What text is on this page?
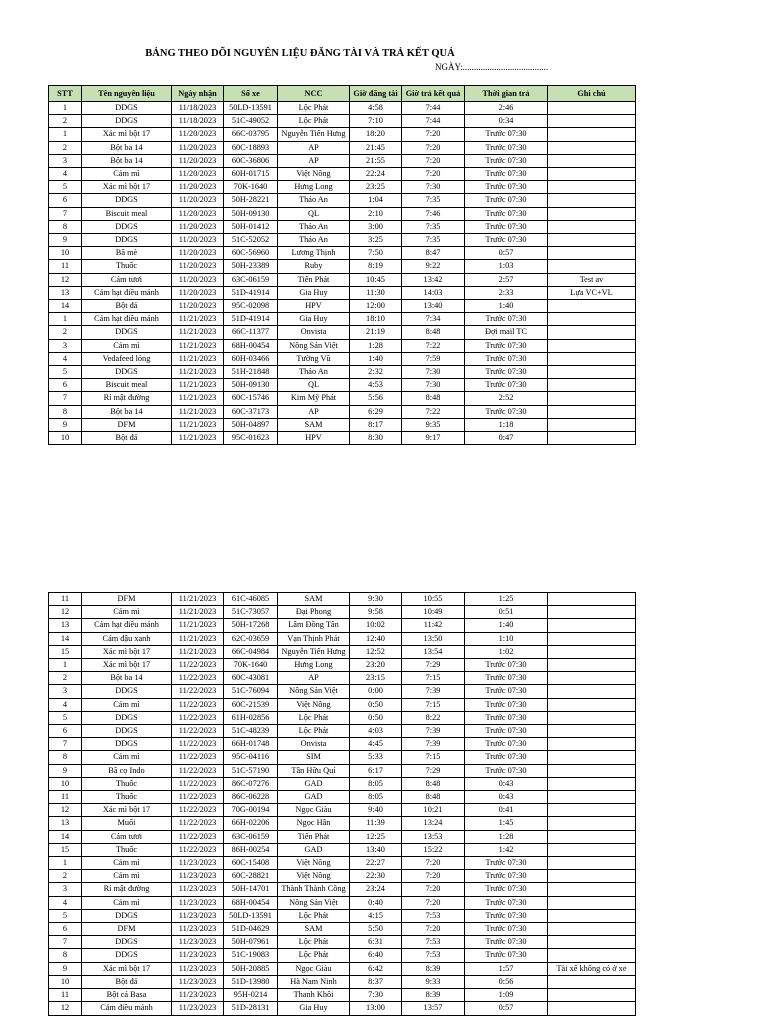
BẢNG THEO DÕI NGUYÊN LIỆU ĐĂNG TÀI VÀ TRẢ KẾT QUẢ
NGÀY:......................................
STT	Tên nguyên liệu	Ngày nhận	Số xe	NCC	Giờ đăng tài	Giờ trả kết quả	Thời gian trả	Ghi chú
1	DDGS	11/18/2023	50LD-13591	Lộc Phát	4:58	7:44	2:46	
2	DDGS	11/18/2023	51C-49052	Lộc Phát	7:10	7:44	0:34	
1	Xác mì bột 17	11/20/2023	66C-03795	Nguyễn Tiến Hưng	18:20	7:20	Trước 07:30	
2	Bột ba 14	11/20/2023	60C-18893	AP	21:45	7:20	Trước 07:30	
3	Bột ba 14	11/20/2023	60C-36806	AP	21:55	7:20	Trước 07:30	
4	Cám mì	11/20/2023	60H-01715	Việt Nông	22:24	7:20	Trước 07:30	
5	Xác mì bột 17	11/20/2023	70K-1640	Hưng Long	23:25	7:30	Trước 07:30	
6	DDGS	11/20/2023	50H-28221	Thảo An	1:04	7:35	Trước 07:30	
7	Biscuit meal	11/20/2023	50H-09130	QL	2:10	7:46	Trước 07:30	
8	DDGS	11/20/2023	50H-01412	Thảo An	3:00	7:35	Trước 07:30	
9	DDGS	11/20/2023	51C-52052	Thảo An	3:25	7:35	Trước 07:30	
10	Bã mè	11/20/2023	60C-56960	Lương Thịnh	7:50	8:47	0:57	
11	Thuốc	11/20/2023	50H-23389	Ruby	8:19	9:22	1:03	
12	Cám tươi	11/20/2023	63C-06159	Tiến Phát	10:45	13:42	2:57	Test av
13	Cám hạt điều mảnh	11/20/2023	51D-41914	Gia Huy	11:30	14:03	2:33	Lựa VC+VL
14	Bột đá	11/20/2023	95C-02098	HPV	12:00	13:40	1:40	
1	Cám hạt điều mảnh	11/21/2023	51D-41914	Gia Huy	18:10	7:34	Trước 07:30	
2	DDGS	11/21/2023	66C-11377	Onvista	21:19	8:48	Đợi mail TC	
3	Cám mì	11/21/2023	68H-00454	Nông Sản Việt	1:28	7:22	Trước 07:30	
4	Vedafeed lỏng	11/21/2023	60H-03466	Tường Vũ	1:40	7:59	Trước 07:30	
5	DDGS	11/21/2023	51H-21848	Thảo An	2:32	7:30	Trước 07:30	
6	Biscuit meal	11/21/2023	50H-09130	QL	4:53	7:30	Trước 07:30	
7	Rỉ mật đường	11/21/2023	60C-15746	Kim Mỹ Phát	5:56	8:48	2:52	
8	Bột ba 14	11/21/2023	60C-37173	AP	6:29	7:22	Trước 07:30	
9	DFM	11/21/2023	50H-04897	SAM	8:17	9:35	1:18	
10	Bột đá	11/21/2023	95C-01623	HPV	8:30	9:17	0:47	
11	DFM	11/21/2023	61C-46085	SAM	9:30	10:55	1:25	
12	Cám mì	11/21/2023	51C-73057	Đại Phong	9:58	10:49	0:51	
13	Cám hạt điều mảnh	11/21/2023	50H-17268	Lâm Đồng Tân	10:02	11:42	1:40	
14	Cám đậu xanh	11/21/2023	62C-03659	Vạn Thịnh Phát	12:40	13:50	1:10	
15	Xác mì bột 17	11/21/2023	66C-04984	Nguyễn Tiến Hưng	12:52	13:54	1:02	
1	Xác mì bột 17	11/22/2023	70K-1640	Hưng Long	23:20	7:29	Trước 07:30	
2	Bột ba 14	11/22/2023	60C-43081	AP	23:15	7:15	Trước 07:30	
3	DDGS	11/22/2023	51C-76094	Nông Sản Việt	0:00	7:39	Trước 07:30	
4	Cám mì	11/22/2023	60C-21539	Việt Nông	0:50	7:15	Trước 07:30	
5	DDGS	11/22/2023	61H-02856	Lộc Phát	0:50	8:22	Trước 07:30	
6	DDGS	11/22/2023	51C-48239	Lộc Phát	4:03	7:39	Trước 07:30	
7	DDGS	11/22/2023	66H-01748	Onvista	4:45	7:39	Trước 07:30	
8	Cám mì	11/22/2023	95C-04116	SIM	5:33	7:15	Trước 07:30	
9	Bã cọ Indo	11/22/2023	51C-57190	Tân Hữu Quí	6:17	7:29	Trước 07:30	
10	Thuốc	11/22/2023	86C-07276	GAD	8:05	8:48	0:43	
11	Thuốc	11/22/2023	86C-06228	GAD	8:05	8:48	0:43	
12	Xác mì bột 17	11/22/2023	70G-00194	Ngọc Giàu	9:40	10:21	0:41	
13	Muối	11/22/2023	66H-02206	Ngọc Hân	11:39	13:24	1:45	
14	Cám tươi	11/22/2023	63C-06159	Tiến Phát	12:25	13:53	1:28	
15	Thuốc	11/22/2023	86H-00254	GAD	13:40	15:22	1:42	
1	Cám mì	11/23/2023	60C-15408	Việt Nông	22:27	7:20	Trước 07:30	
2	Cám mì	11/23/2023	60C-28821	Việt Nông	22:30	7:20	Trước 07:30	
3	Rỉ mật đường	11/23/2023	50H-14701	Thành Thành Công	23:24	7:20	Trước 07:30	
4	Cám mì	11/23/2023	68H-00454	Nông Sản Việt	0:40	7:20	Trước 07:30	
5	DDGS	11/23/2023	50LD-13591	Lộc Phát	4:15	7:53	Trước 07:30	
6	DFM	11/23/2023	51D-04629	SAM	5:50	7:20	Trước 07:30	
7	DDGS	11/23/2023	50H-07961	Lộc Phát	6:31	7:53	Trước 07:30	
8	DDGS	11/23/2023	51C-19083	Lộc Phát	6:40	7:53	Trước 07:30	
9	Xác mì bột 17	11/23/2023	50H-20885	Ngọc Giàu	6:42	8:39	1:57	Tài xế không có ở xe
10	Bột đá	11/23/2023	51D-13980	Hà Nam Ninh	8:37	9:33	0:56	
11	Bột cá Basa	11/23/2023	95H-0214	Thanh Khôi	7:30	8:39	1:09	
12	Cám điều mảnh	11/23/2023	51D-28131	Gia Huy	13:00	13:57	0:57	
